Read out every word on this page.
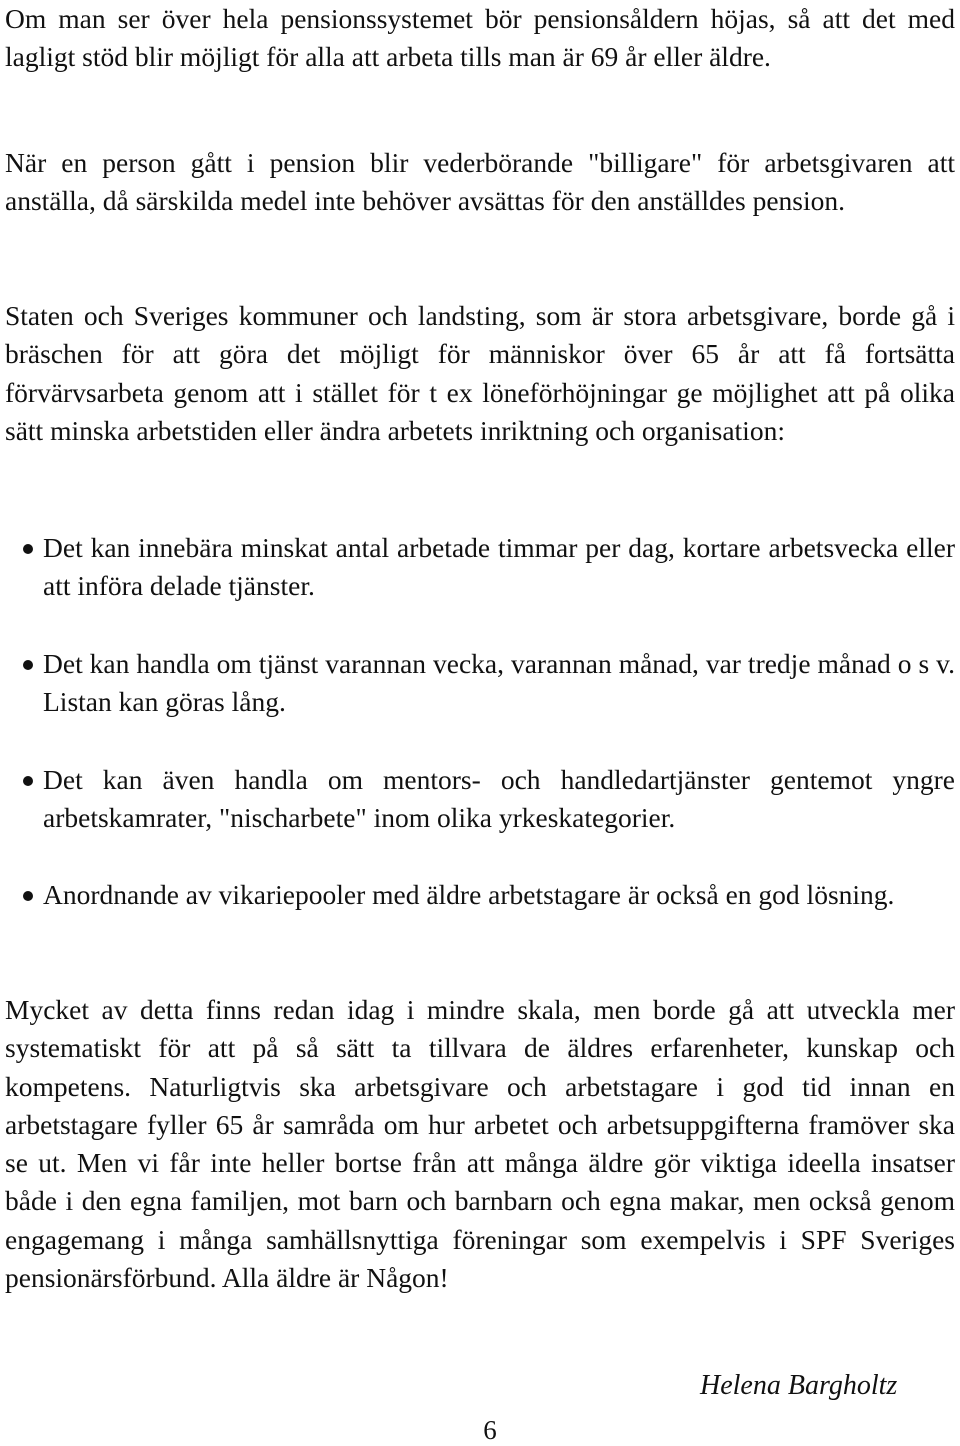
Om man ser över hela pensionssystemet bör pensionsåldern höjas, så att det med lagligt stöd blir möjligt för alla att arbeta tills man är 69 år eller äldre.

När en person gått i pension blir vederbörande "billigare" för arbetsgivaren att anställa, då särskilda medel inte behöver avsättas för den anställdes pension.

Staten och Sveriges kommuner och landsting, som är stora arbetsgivare, borde gå i bräschen för att göra det möjligt för människor över 65 år att få fortsätta förvärvsarbeta genom att i stället för t ex löneförhöjningar ge möjlighet att på olika sätt minska arbetstiden eller ändra arbetets inriktning och organisation:

Det kan innebära minskat antal arbetade timmar per dag, kortare arbetsvecka eller att införa delade tjänster.

Det kan handla om tjänst varannan vecka, varannan månad, var tredje månad o s v. Listan kan göras lång.

Det kan även handla om mentors- och handledartjänster gentemot yngre arbetskamrater, "nischarbete" inom olika yrkeskategorier.

Anordnande av vikariepooler med äldre arbetstagare är också en god lösning.

Mycket av detta finns redan idag i mindre skala, men borde gå att utveckla mer systematiskt för att på så sätt ta tillvara de äldres erfarenheter, kunskap och kompetens. Naturligtvis ska arbetsgivare och arbetstagare i god tid innan en arbetstagare fyller 65 år samråda om hur arbetet och arbetsuppgifterna framöver ska se ut. Men vi får inte heller bortse från att många äldre gör viktiga ideella insatser både i den egna familjen, mot barn och barnbarn och egna makar, men också genom engagemang i många samhällsnyttiga föreningar som exempelvis i SPF Sveriges pensionärsförbund. Alla äldre är Någon!

Helena Bargholtz
6
